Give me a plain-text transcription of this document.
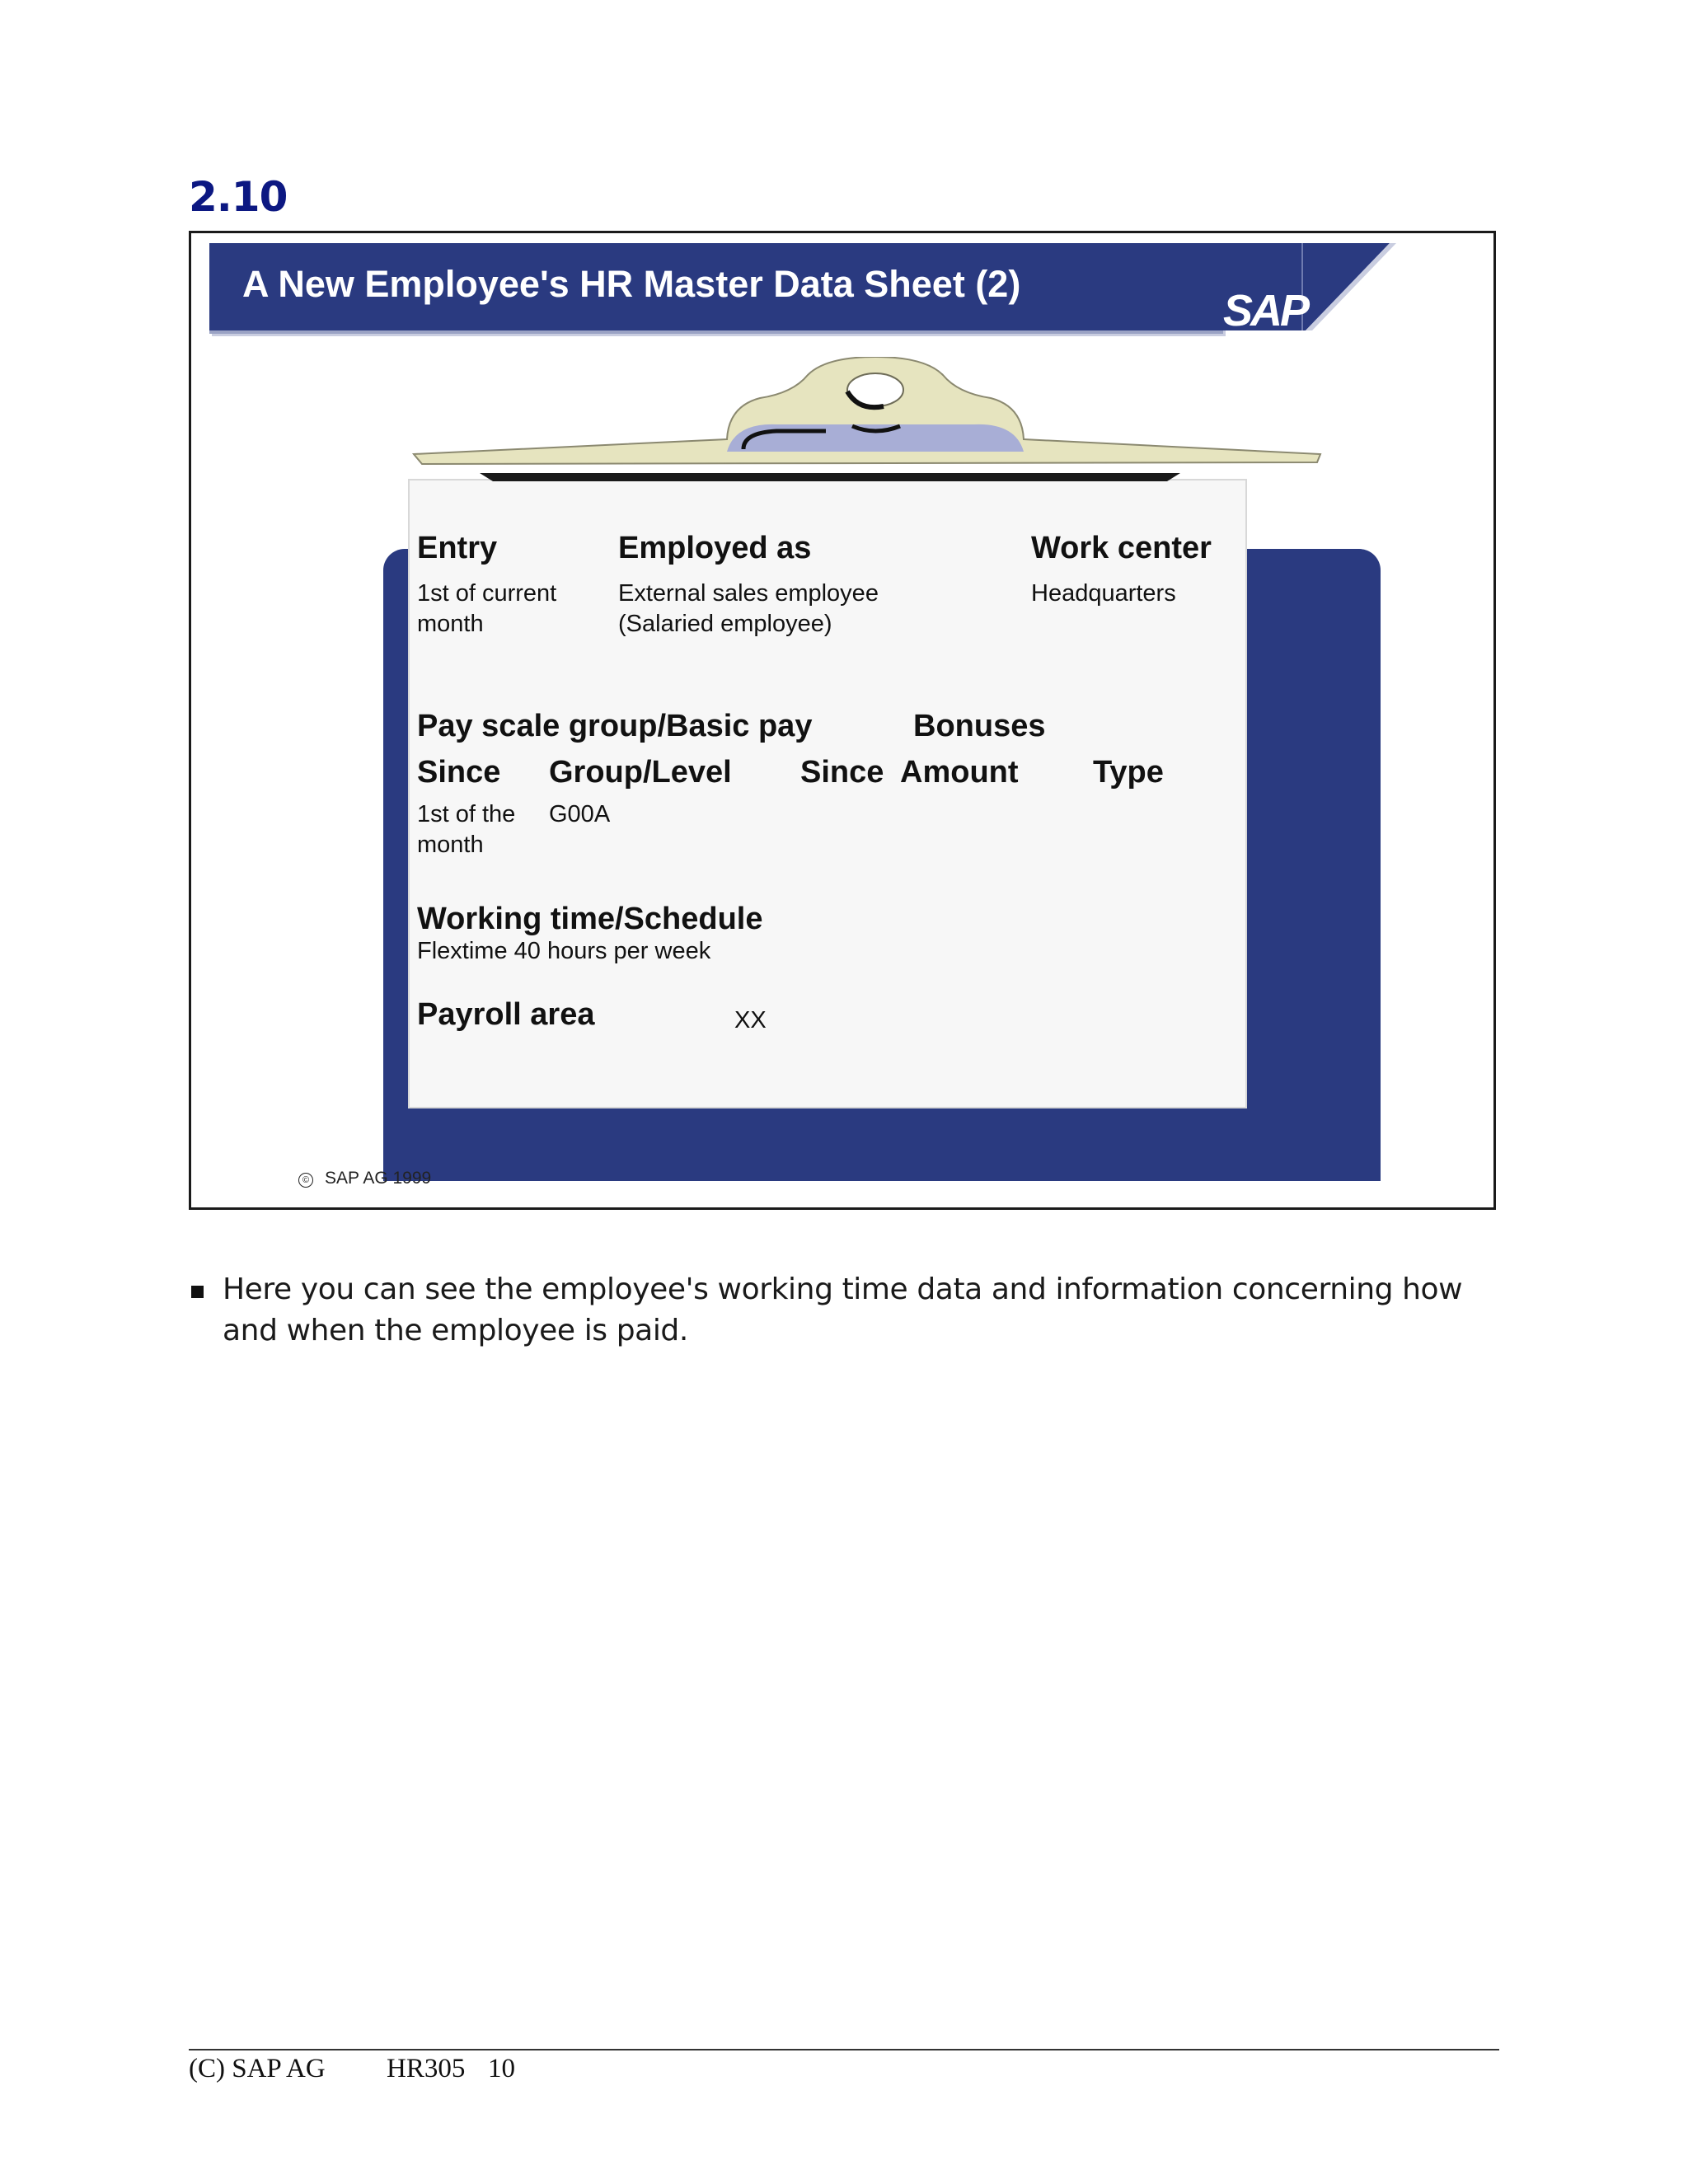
2.10
A New Employee's HR Master Data Sheet (2)
SAP
Entry
1st of current
month
Employed as
External sales employee
(Salaried employee)
Work center
Headquarters
Pay scale group/Basic pay	Bonuses
Since Group/Level Since Amount Type
1st of the
month
G00A
Working time/Schedule
Flextime 40 hours per week
Payroll area	XX
© SAP AG 1999
Here you can see the employee's working time data and information concerning how and when the employee is paid.
(C) SAP AG HR305 10
